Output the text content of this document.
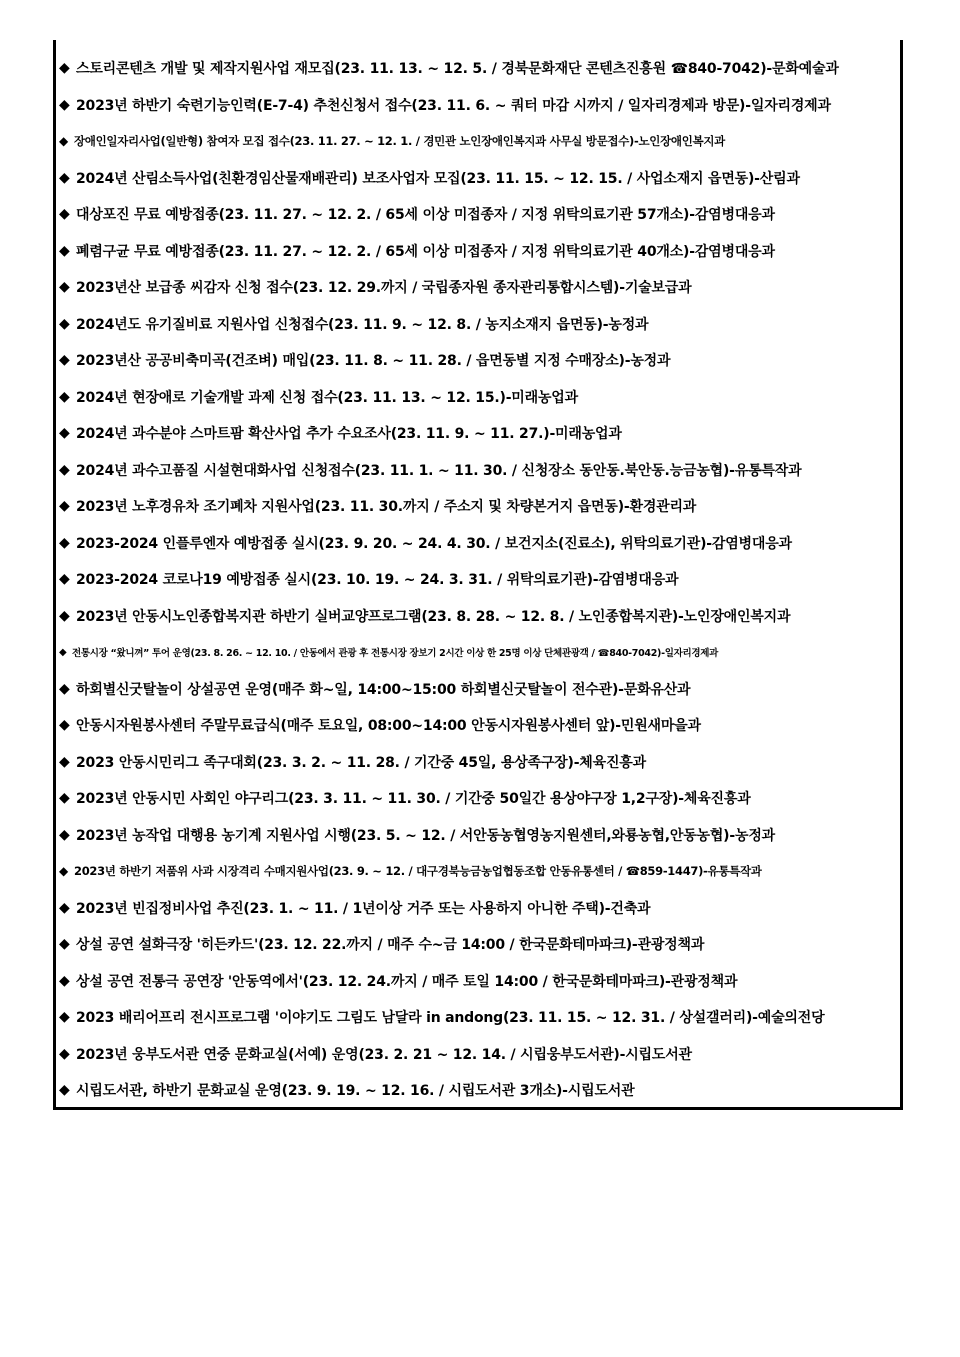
◆ 스토리콘텐츠 개발 및 제작지원사업 재모집(23. 11. 13. ~ 12. 5. / 경북문화재단 콘텐츠진흥원 ☎840-7042)-문화예술과
◆ 2023년 하반기 숙련기능인력(E-7-4) 추천신청서 접수(23. 11. 6. ~ 쿼터 마감 시까지 / 일자리경제과 방문)-일자리경제과
◆ 장애인일자리사업(일반형) 참여자 모집 접수(23. 11. 27. ~ 12. 1. / 경민관 노인장애인복지과 사무실 방문접수)-노인장애인복지과
◆ 2024년 산림소득사업(친환경임산물재배관리) 보조사업자 모집(23. 11. 15. ~ 12. 15. / 사업소재지 읍면동)-산림과
◆ 대상포진 무료 예방접종(23. 11. 27. ~ 12. 2. / 65세 이상 미접종자 / 지정 위탁의료기관 57개소)-감염병대응과
◆ 폐렴구균 무료 예방접종(23. 11. 27. ~ 12. 2. / 65세 이상 미접종자 / 지정 위탁의료기관 40개소)-감염병대응과
◆ 2023년산 보급종 씨감자 신청 접수(23. 12. 29.까지 / 국립종자원 종자관리통합시스템)-기술보급과
◆ 2024년도 유기질비료 지원사업 신청접수(23. 11. 9. ~ 12. 8. / 농지소재지 읍면동)-농정과
◆ 2023년산 공공비축미곡(건조벼) 매입(23. 11. 8. ~ 11. 28. / 읍면동별 지정 수매장소)-농정과
◆ 2024년 현장애로 기술개발 과제 신청 접수(23. 11. 13. ~ 12. 15.)-미래농업과
◆ 2024년 과수분야 스마트팜 확산사업 추가 수요조사(23. 11. 9. ~ 11. 27.)-미래농업과
◆ 2024년 과수고품질 시설현대화사업 신청접수(23. 11. 1. ~ 11. 30. / 신청장소 동안동.북안동.능금농협)-유통특작과
◆ 2023년 노후경유차 조기폐차 지원사업(23. 11. 30.까지 / 주소지 및 차량본거지 읍면동)-환경관리과
◆ 2023-2024 인플루엔자 예방접종 실시(23. 9. 20. ~ 24. 4. 30. / 보건지소(진료소), 위탁의료기관)-감염병대응과
◆ 2023-2024 코로나19 예방접종 실시(23. 10. 19. ~ 24. 3. 31. / 위탁의료기관)-감염병대응과
◆ 2023년 안동시노인종합복지관 하반기 실버교양프로그램(23. 8. 28. ~ 12. 8. / 노인종합복지관)-노인장애인복지과
◆ 전통시장 “왔니껴” 투어 운영(23. 8. 26. ~ 12. 10. / 안동에서 관광 후 전통시장 장보기 2시간 이상 한 25명 이상 단체관광객 / ☎840-7042)-일자리경제과
◆ 하회별신굿탈놀이 상설공연 운영(매주 화~일, 14:00~15:00 하회별신굿탈놀이 전수관)-문화유산과
◆ 안동시자원봉사센터 주말무료급식(매주 토요일, 08:00~14:00 안동시자원봉사센터 앞)-민원새마을과
◆ 2023 안동시민리그 족구대회(23. 3. 2. ~ 11. 28. / 기간중 45일, 용상족구장)-체육진흥과
◆ 2023년 안동시민 사회인 야구리그(23. 3. 11. ~ 11. 30. / 기간중 50일간 용상야구장 1,2구장)-체육진흥과
◆ 2023년 농작업 대행용 농기계 지원사업 시행(23. 5. ~ 12. / 서안동농협영농지원센터,와룡농협,안동농협)-농정과
◆ 2023년 하반기 저품위 사과 시장격리 수매지원사업(23. 9. ~ 12. / 대구경북능금농업협동조합 안동유통센터 / ☎859-1447)-유통특작과
◆ 2023년 빈집정비사업 추진(23. 1. ~ 11. / 1년이상 거주 또는 사용하지 아니한 주택)-건축과
◆ 상설 공연 설화극장 '히든카드'(23. 12. 22.까지 / 매주 수~금 14:00 / 한국문화테마파크)-관광정책과
◆ 상설 공연 전통극 공연장 '안동역에서'(23. 12. 24.까지 / 매주 토일 14:00 / 한국문화테마파크)-관광정책과
◆ 2023 배리어프리 전시프로그램 '이야기도 그림도 남달라 in andong(23. 11. 15. ~ 12. 31. / 상설갤러리)-예술의전당
◆ 2023년 웅부도서관 연중 문화교실(서예) 운영(23. 2. 21 ~ 12. 14. / 시립웅부도서관)-시립도서관
◆ 시립도서관, 하반기 문화교실 운영(23. 9. 19. ~ 12. 16. / 시립도서관 3개소)-시립도서관
